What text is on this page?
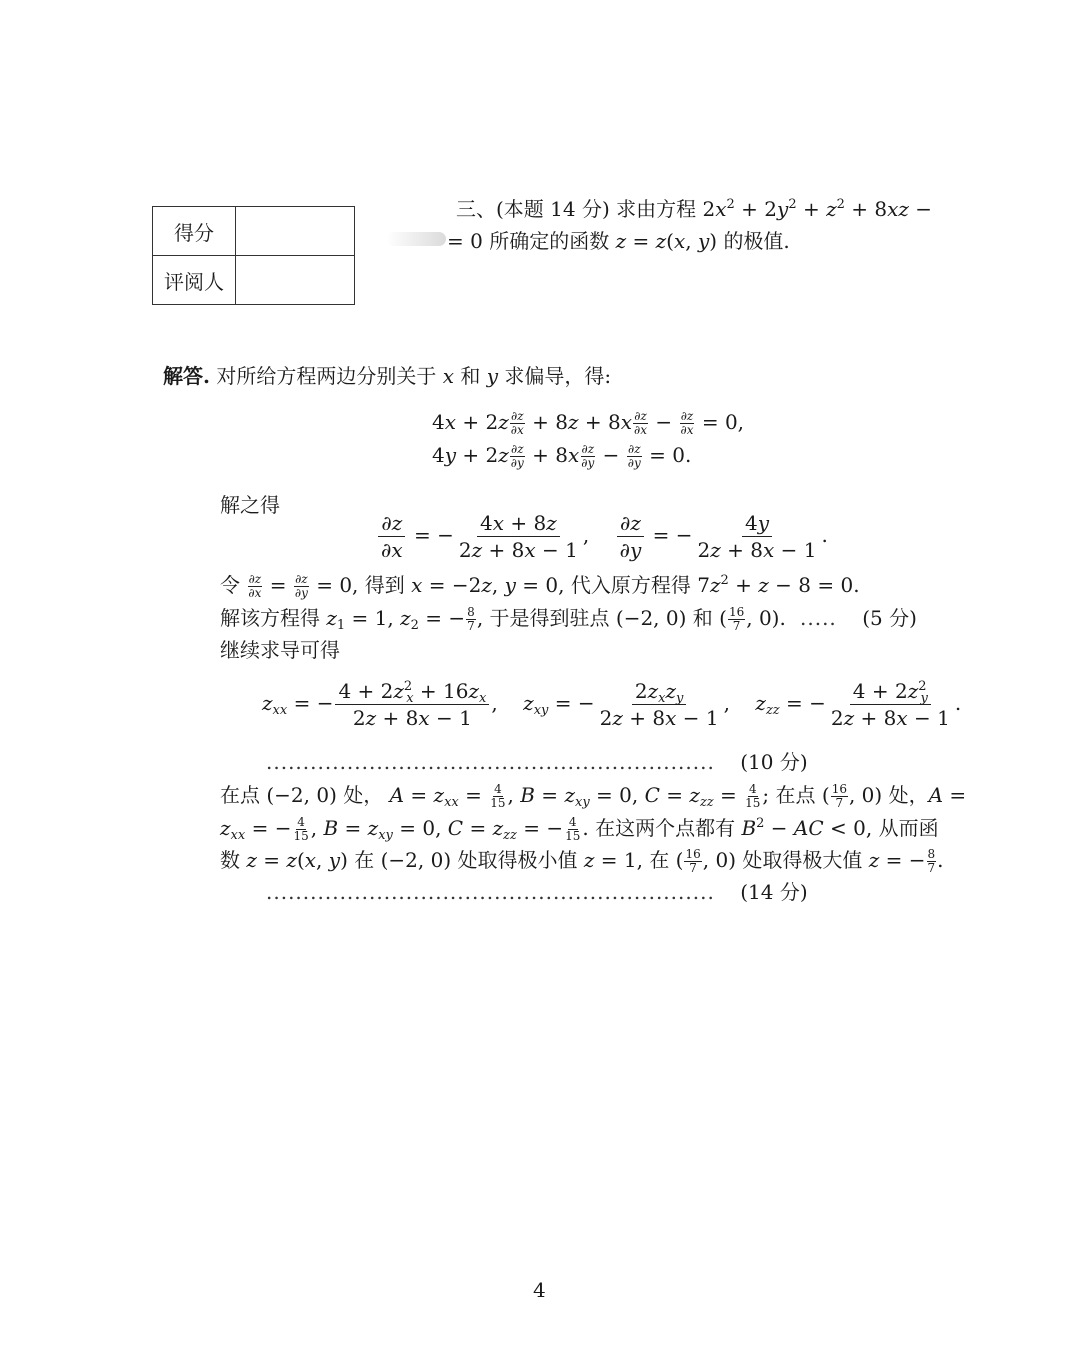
得分	
评阅人	
三、(本题 14 分) 求由方程 $2x^2 + 2y^2 + z^2 + 8xz$ −
= 0 所确定的函数 z = z(x, y) 的极值.
解答. 对所给方程两边分别关于 x 和 y 求偏导，得:
$4x + 2z \frac{\partial z}{\partial x} + 8z + 8x \frac{\partial z}{\partial x} - \frac{\partial z}{\partial x} = 0$,
$4y + 2z \frac{\partial z}{\partial y} + 8x \frac{\partial z}{\partial y} - \frac{\partial z}{\partial y} = 0$.
解之得
$\frac{\partial z}{\partial x}$ = − $\frac{4x + 8z}{2z + 8x - 1}$ , $\frac{\partial z}{\partial y}$ = − $\frac{4y}{2z + 8x - 1}$ .
令 $\frac{\partial z}{\partial x} = \frac{\partial z}{\partial y} = 0$, 得到 x = −2z, y = 0, 代入原方程得 $7z^2 + z - 8 = 0$.
解该方程得 $z_1 = 1$, $z_2$ = − $\frac{8}{7}$ , 于是得到驻点 (−2, 0) 和 ( $\frac{16}{7}$ , 0). ..... (5 分)
继续求导可得
$z_{xx}$ = − $\frac{4 + 2z^2_x + 16z_x}{2z + 8x - 1}$ ,    $z_{xy}$ = − $\frac{2z_xz_y}{2z + 8x - 1}$ ,    $z_{zz}$ = − $\frac{4 + 2z^2_y}{2z + 8x - 1}$ .
............................................................. (10 分)
在点 (−2, 0) 处， $A = z_{xx} = \frac{4}{15}$ , $B = z_{xy} = 0$, $C = z_{zz} = \frac{4}{15}$ ; 在点 ( $\frac{16}{7}$ , 0) 处，A =
$z_{xx}$ = − $\frac{4}{15}$ , $B = z_{xy} = 0$, $C = z_{zz}$ = − $\frac{4}{15}$ . 在这两个点都有 $B^2$ − AC < 0, 从而函
数 z = z(x, y) 在 (−2, 0) 处取得极小值 z = 1, 在 ( $\frac{16}{7}$ , 0) 处取得极大值 z = − $\frac{8}{7}$ .
............................................................. (14 分)
4
